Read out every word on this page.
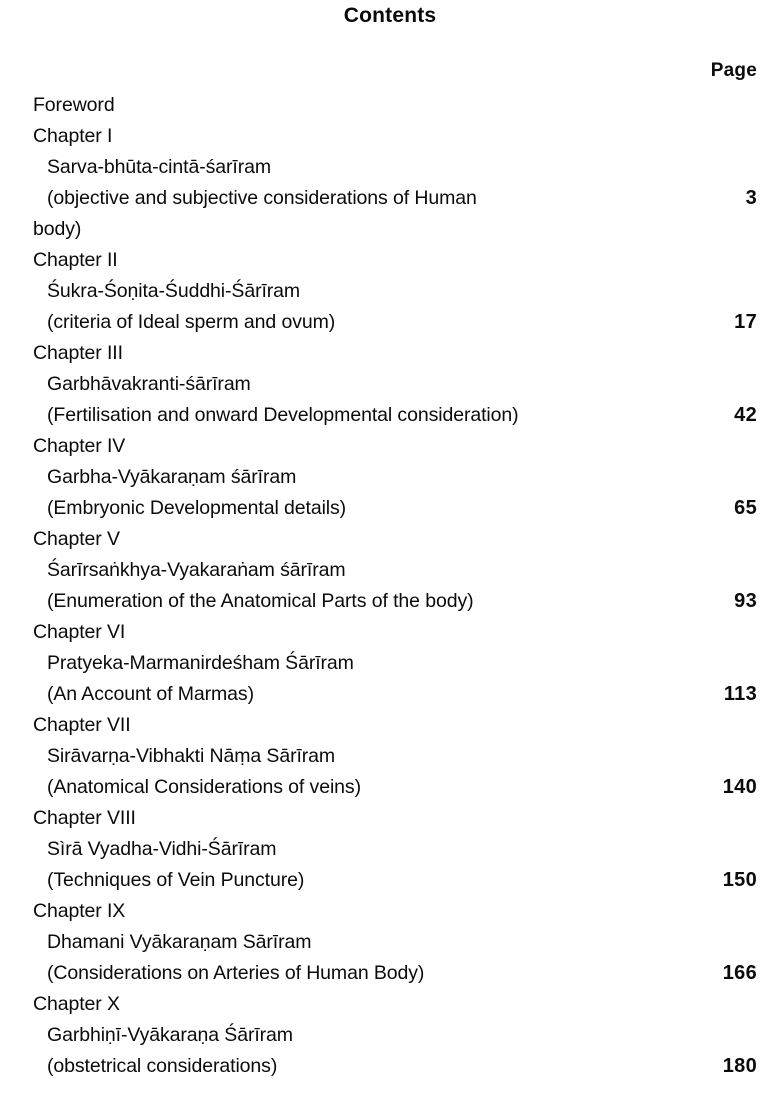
Contents
Page
Foreword
Chapter I
Sarva-bhūta-cintā-śarīram
(objective and subjective considerations of Human	3
body)
Chapter II
Śukra-Śoṇita-Śuddhi-Śārīram
(criteria of Ideal sperm and ovum)	17
Chapter III
Garbhāvakranti-śārīram
(Fertilisation and onward Developmental consideration)	42
Chapter IV
Garbha-Vyākaraṇam śārīram
(Embryonic Developmental details)	65
Chapter V
Śarīrsaṅkhya-Vyakaraṅam śārīram
(Enumeration of the Anatomical Parts of the body)	93
Chapter VI
Pratyeka-Marmanirdeśham Śārīram
(An Account of Marmas)	113
Chapter VII
Sirāvarṇa-Vibhakti Nāṃa Sārīram
(Anatomical Considerations of veins)	140
Chapter VIII
Sìrā Vyadha-Vidhi-Śārīram
(Techniques of Vein Puncture)	150
Chapter IX
Dhamani Vyākaraṇam Sārīram
(Considerations on Arteries of Human Body)	166
Chapter X
Garbhiṇī-Vyākaraṇa Śārīram
(obstetrical considerations)	180
